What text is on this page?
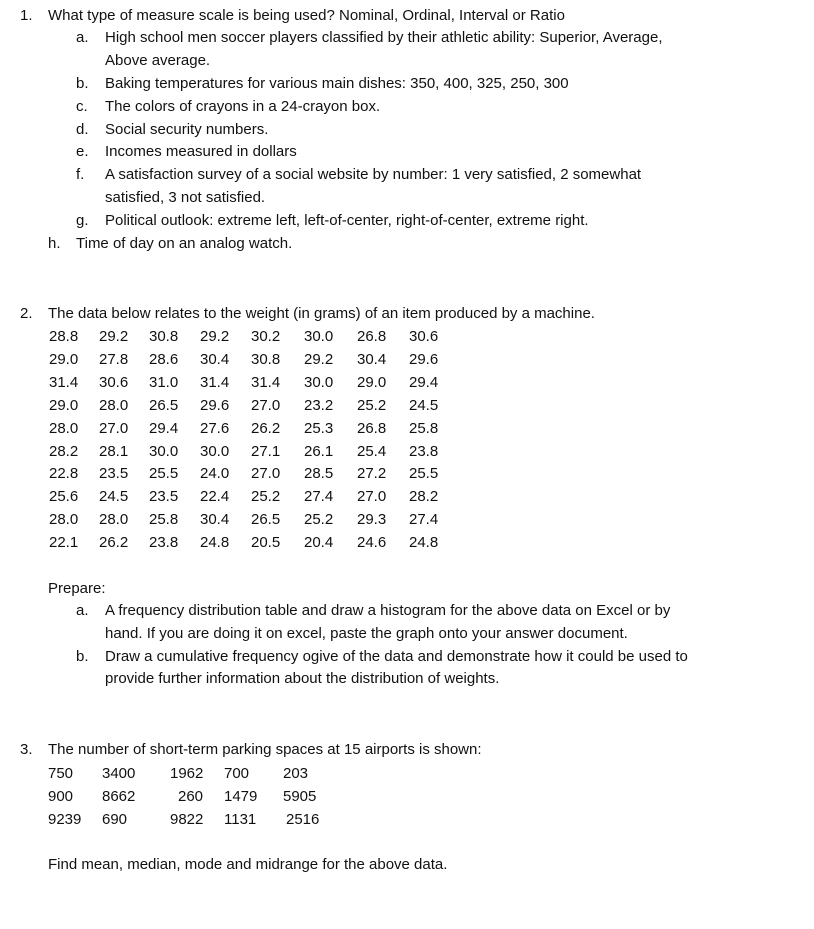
1. What type of measure scale is being used? Nominal, Ordinal, Interval or Ratio
a. High school men soccer players classified by their athletic ability: Superior, Average,
Above average.
b. Baking temperatures for various main dishes: 350, 400, 325, 250, 300
c. The colors of crayons in a 24-crayon box.
d. Social security numbers.
e. Incomes measured in dollars
f. A satisfaction survey of a social website by number: 1 very satisfied, 2 somewhat
satisfied, 3 not satisfied.
g. Political outlook: extreme left, left-of-center, right-of-center, extreme right.
h. Time of day on an analog watch.
2. The data below relates to the weight (in grams) of an item produced by a machine.
28.8 29.2 30.8 29.2 30.2 30.0 26.8 30.6
29.0 27.8 28.6 30.4 30.8 29.2 30.4 29.6
31.4 30.6 31.0 31.4 31.4 30.0 29.0 29.4
29.0 28.0 26.5 29.6 27.0 23.2 25.2 24.5
28.0 27.0 29.4 27.6 26.2 25.3 26.8 25.8
28.2 28.1 30.0 30.0 27.1 26.1 25.4 23.8
22.8 23.5 25.5 24.0 27.0 28.5 27.2 25.5
25.6 24.5 23.5 22.4 25.2 27.4 27.0 28.2
28.0 28.0 25.8 30.4 26.5 25.2 29.3 27.4
22.1 26.2 23.8 24.8 20.5 20.4 24.6 24.8
Prepare:
a. A frequency distribution table and draw a histogram for the above data on Excel or by
hand. If you are doing it on excel, paste the graph onto your answer document.
b. Draw a cumulative frequency ogive of the data and demonstrate how it could be used to
provide further information about the distribution of weights.
3. The number of short-term parking spaces at 15 airports is shown:
750 3400 1962 700 203
900 8662	260 1479 5905
9239 690	9822 1131 2516
Find mean, median, mode and midrange for the above data.
